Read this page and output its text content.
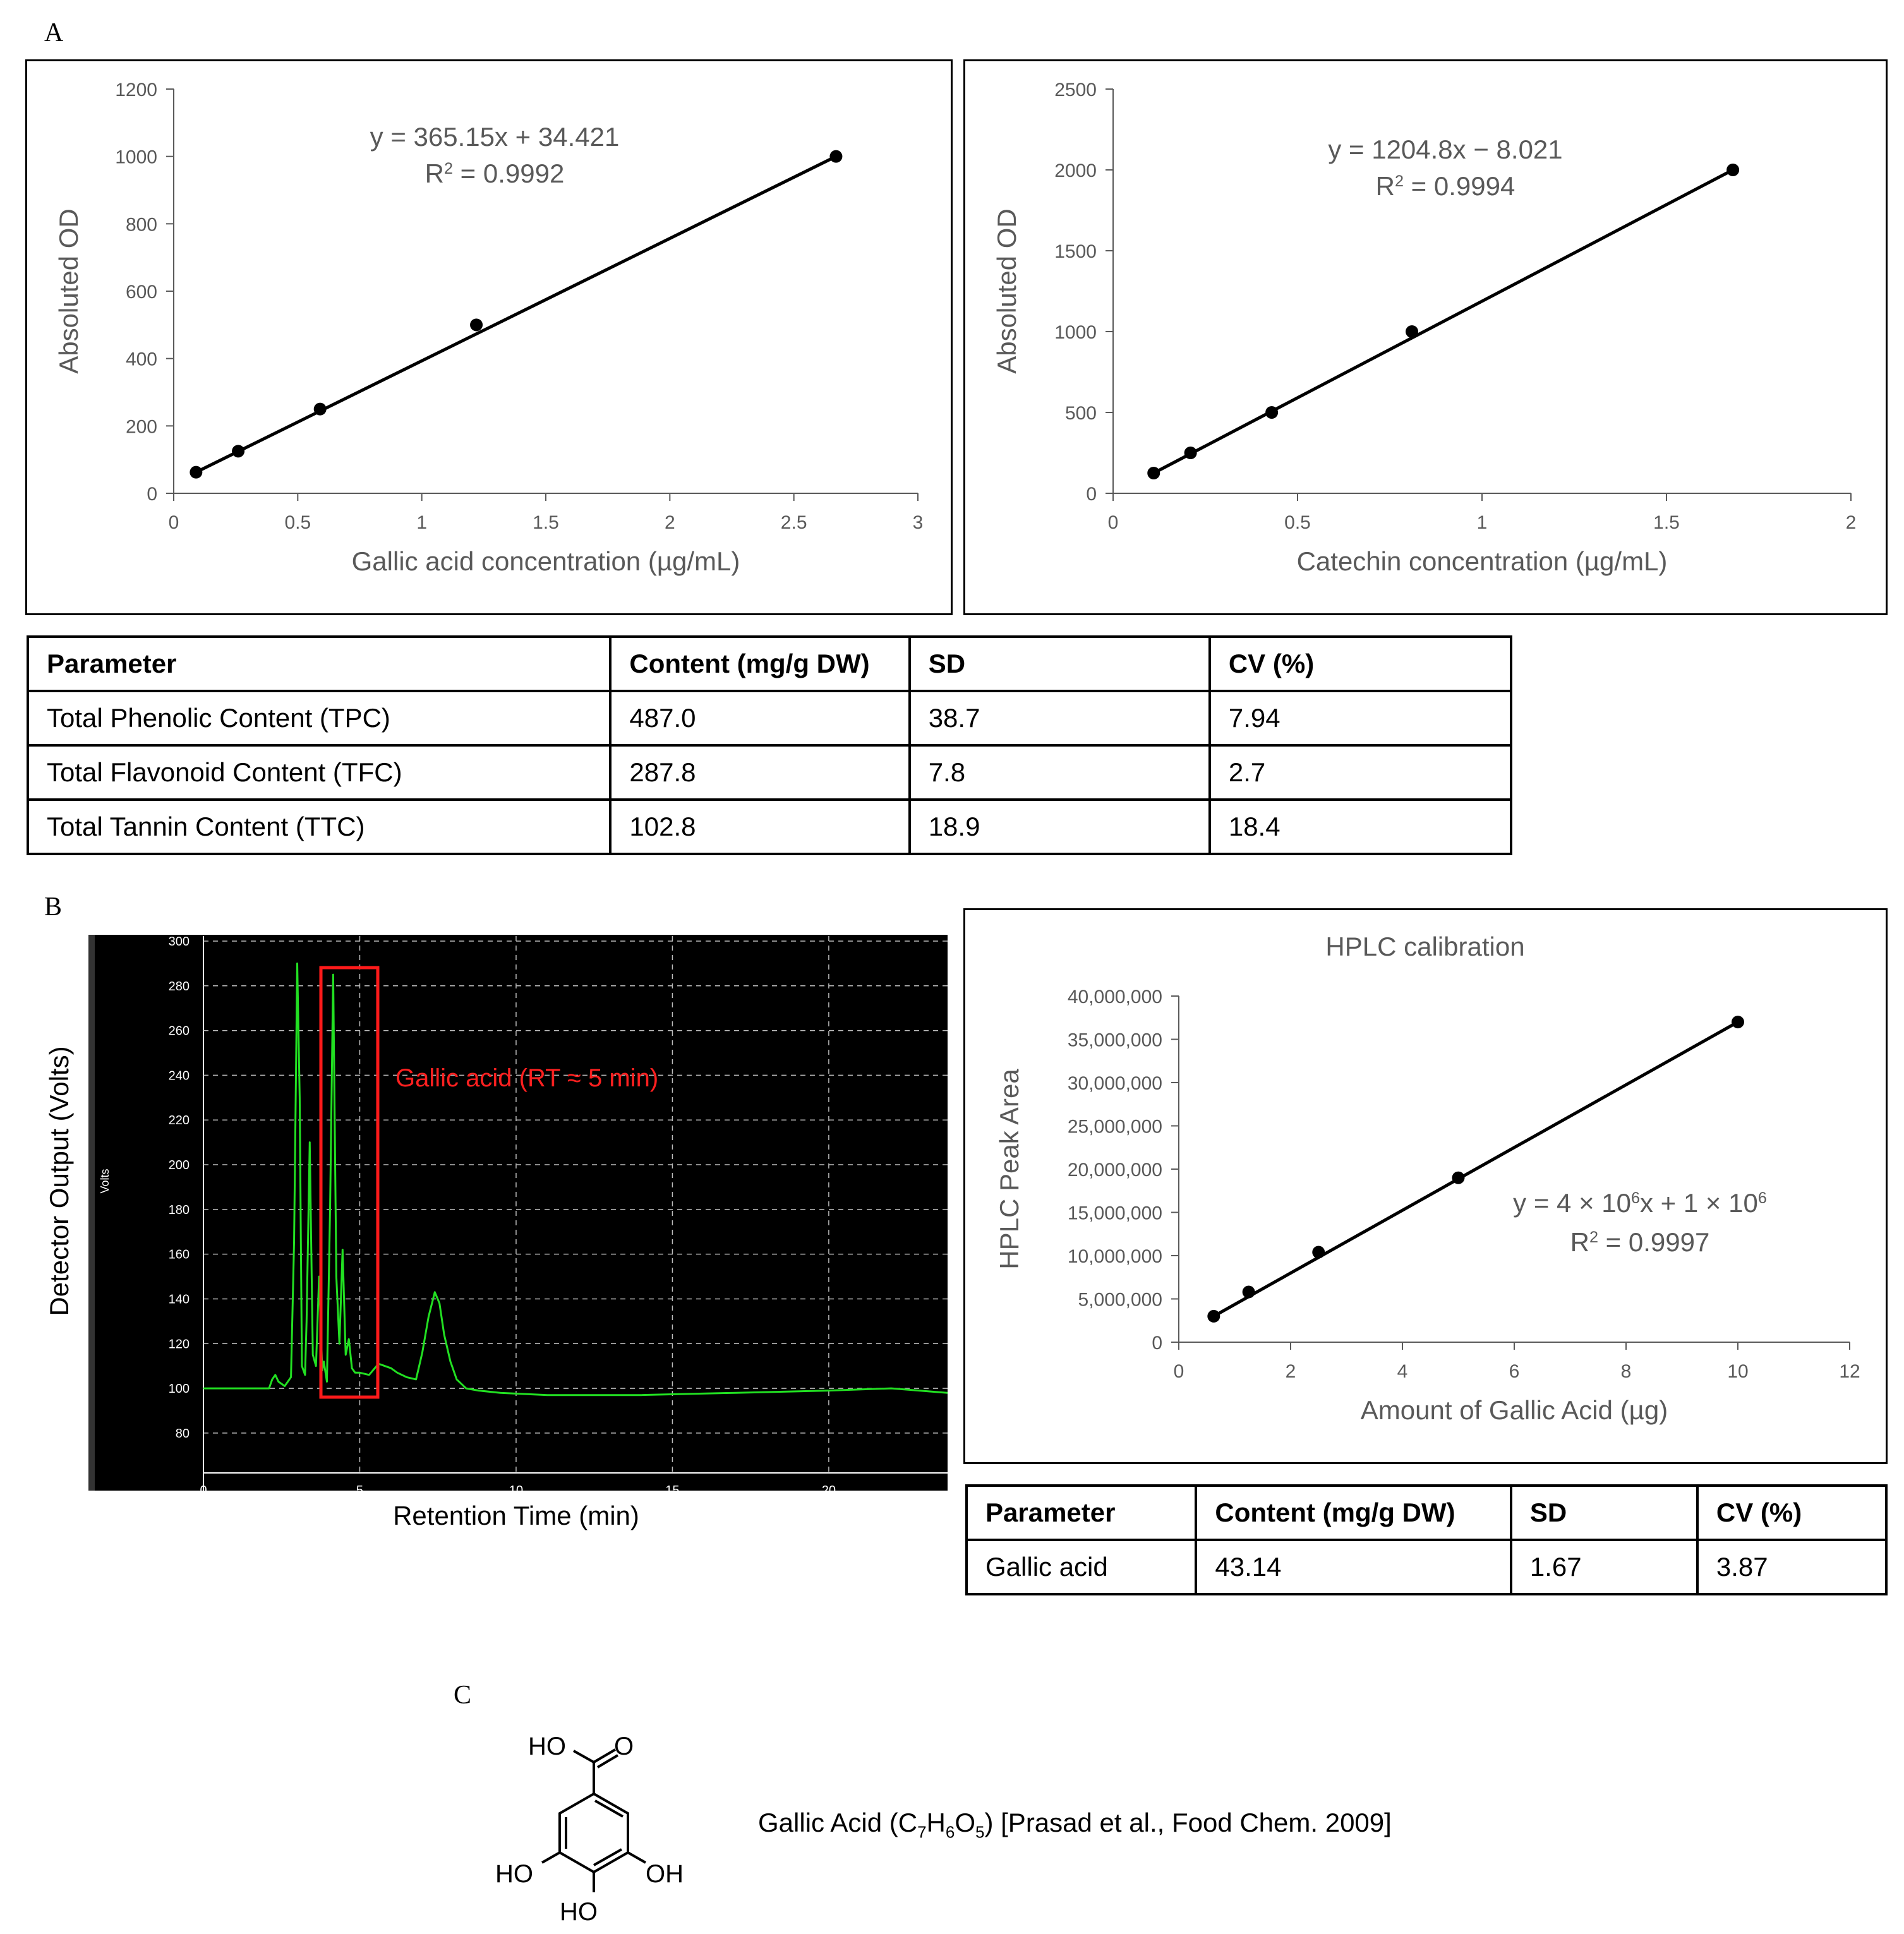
A
B
C
0
200
400
600
800
1000
1200
0	0.5	1	1.5	2	2.5	3
Gallic acid concentration (µg/mL)
Absoluted OD
y = 365.15x + 34.421
$R^2 = 0.9992$
0
500
1000
1500
2000
2500
0	0.5	1	1.5	2
Catechin concentration (µg/mL)
Absoluted OD
y = 1204.8x − 8.021
$R^2 = 0.9994$
Parameter	Content (mg/g DW)	SD	CV (%)
Total Phenolic Content (TPC)	487.0	38.7	7.94
Total Flavonoid Content (TFC)	287.8	7.8	2.7
Total Tannin Content (TTC)	102.8	18.9	18.4
80
100
120
140
160
180
200
220
240
260
280
300
0	5	10	15	20
Volts
Gallic acid (RT ≈ 5 min)
Detector Output (Volts)
Retention Time (min)
0
5,000,000
10,000,000
15,000,000
20,000,000
25,000,000
30,000,000
35,000,000
40,000,000
0	2	4	6	8	10	12
Amount of Gallic Acid (µg)
HPLC Peak Area
HPLC calibration
$y = 4 \times 10^6x + 1 \times 10^6$
$R^2 = 0.9997$
Parameter	Content (mg/g DW)	SD	CV (%)
Gallic acid	43.14	1.67	3.87
HO O
HO	OH
HO
Gallic Acid $(C_7H_6O_5)$ [Prasad et al., Food Chem. 2009]
